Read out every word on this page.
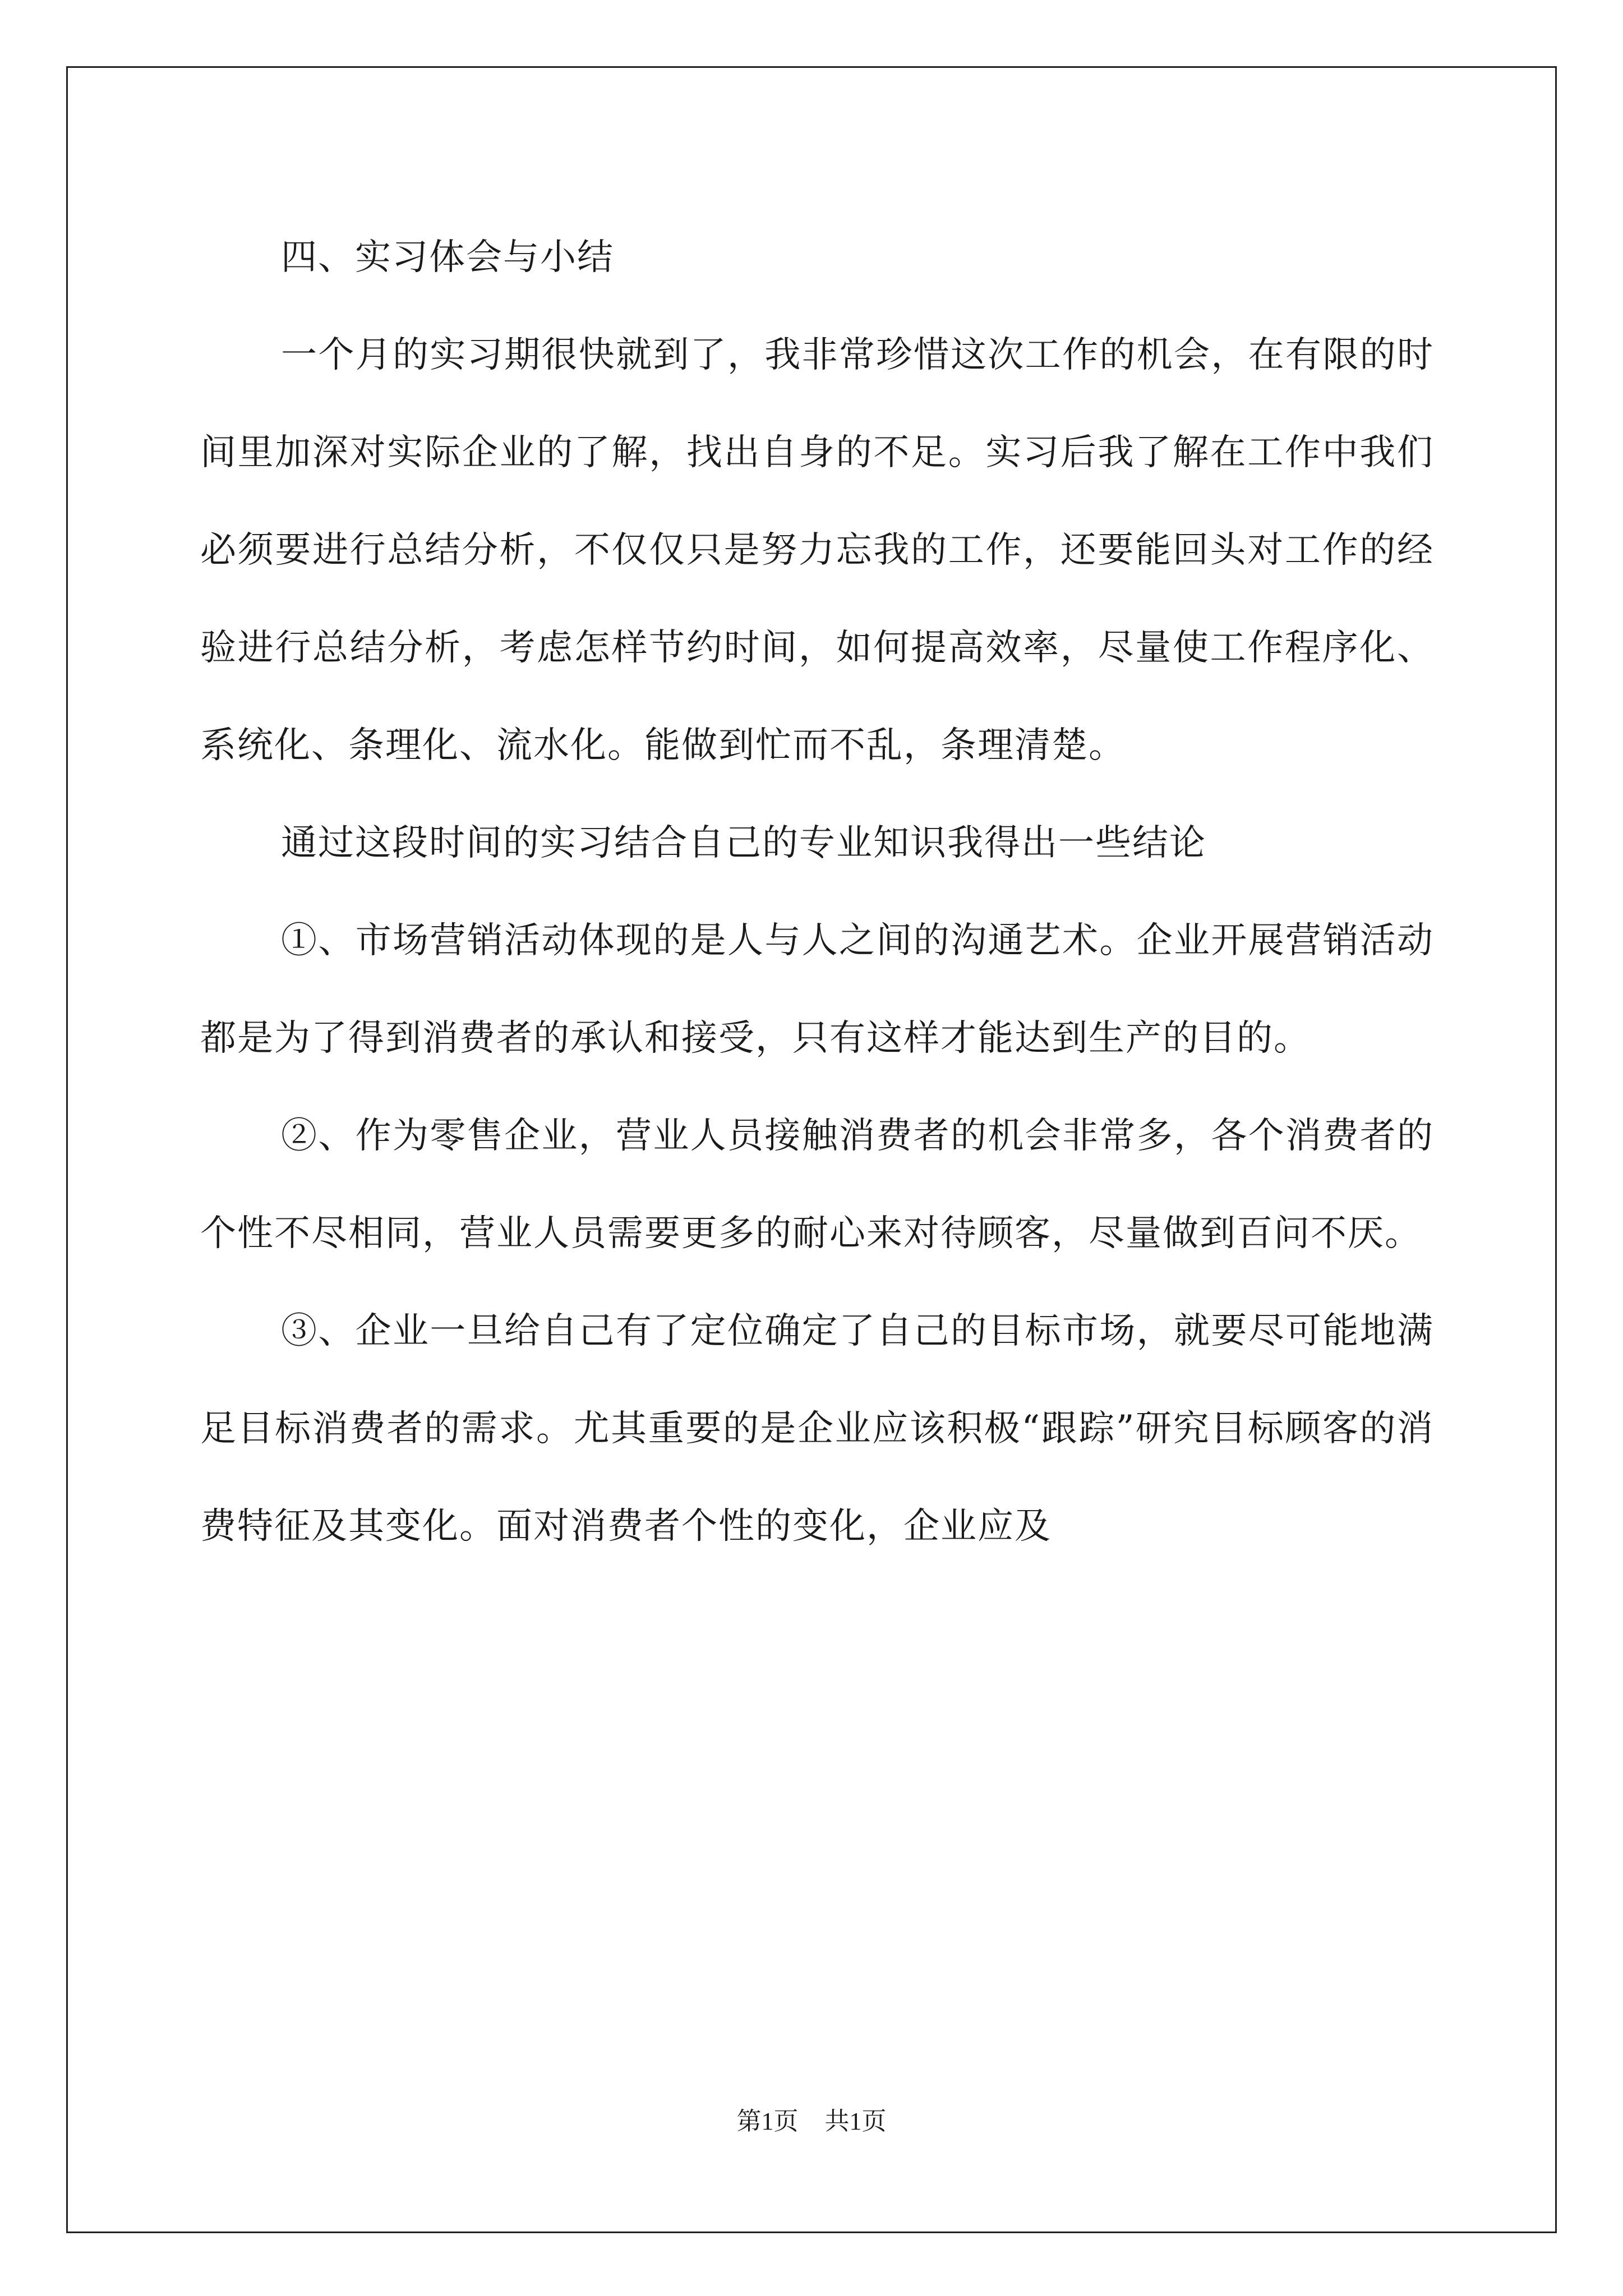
四、实习体会与小结

一个月的实习期很快就到了，我非常珍惜这次工作的机会，在有限的时间里加深对实际企业的了解，找出自身的不足。实习后我了解在工作中我们必须要进行总结分析，不仅仅只是努力忘我的工作，还要能回头对工作的经验进行总结分析，考虑怎样节约时间，如何提高效率，尽量使工作程序化、系统化、条理化、流水化。能做到忙而不乱，条理清楚。

通过这段时间的实习结合自己的专业知识我得出一些结论

①、市场营销活动体现的是人与人之间的沟通艺术。企业开展营销活动都是为了得到消费者的承认和接受，只有这样才能达到生产的目的。

②、作为零售企业，营业人员接触消费者的机会非常多，各个消费者的个性不尽相同，营业人员需要更多的耐心来对待顾客，尽量做到百问不厌。

③、企业一旦给自己有了定位确定了自己的目标市场，就要尽可能地满足目标消费者的需求。尤其重要的是企业应该积极“跟踪”研究目标顾客的消费特征及其变化。面对消费者个性的变化，企业应及

第1页 共1页
